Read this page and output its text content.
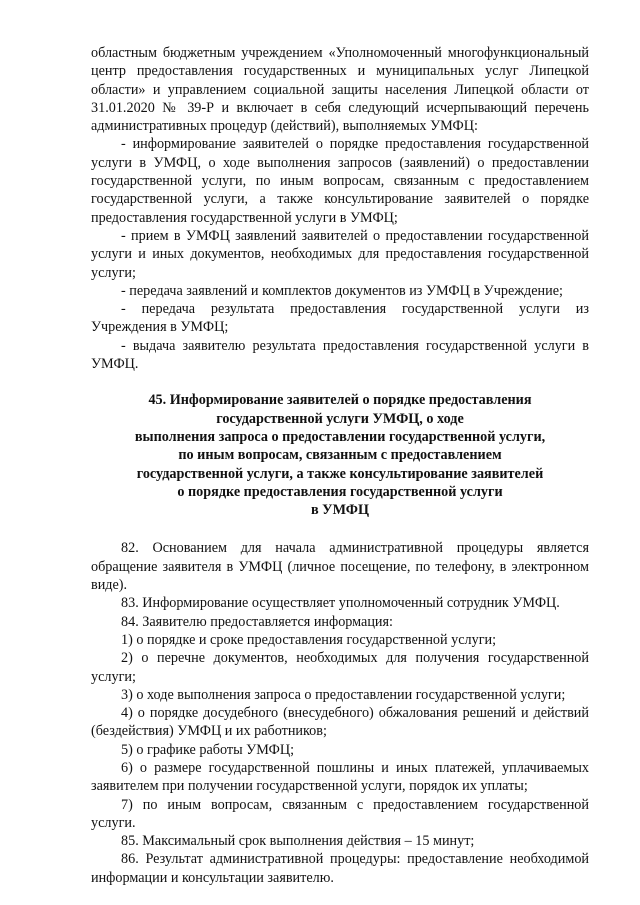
областным бюджетным учреждением «Уполномоченный многофункциональный центр предоставления государственных и муниципальных услуг Липецкой области» и управлением социальной защиты населения Липецкой области от 31.01.2020 № 39-Р и включает в себя следующий исчерпывающий перечень административных процедур (действий), выполняемых УМФЦ:
- информирование заявителей о порядке предоставления государственной услуги в УМФЦ, о ходе выполнения запросов (заявлений) о предоставлении государственной услуги, по иным вопросам, связанным с предоставлением государственной услуги, а также консультирование заявителей о порядке предоставления государственной услуги в УМФЦ;
- прием в УМФЦ заявлений заявителей о предоставлении государственной услуги и иных документов, необходимых для предоставления государственной услуги;
- передача заявлений и комплектов документов из УМФЦ в Учреждение;
- передача результата предоставления государственной услуги из Учреждения в УМФЦ;
- выдача заявителю результата предоставления государственной услуги в УМФЦ.
45. Информирование заявителей о порядке предоставления
государственной услуги УМФЦ, о ходе
выполнения запроса о предоставлении государственной услуги,
по иным вопросам, связанным с предоставлением
государственной услуги, а также консультирование заявителей
о порядке предоставления государственной услуги
в УМФЦ
82. Основанием для начала административной процедуры является обращение заявителя в УМФЦ (личное посещение, по телефону, в электронном виде).
83. Информирование осуществляет уполномоченный сотрудник УМФЦ.
84. Заявителю предоставляется информация:
1) о порядке и сроке предоставления государственной услуги;
2) о перечне документов, необходимых для получения государственной услуги;
3) о ходе выполнения запроса о предоставлении государственной услуги;
4) о порядке досудебного (внесудебного) обжалования решений и действий (бездействия) УМФЦ и их работников;
5) о графике работы УМФЦ;
6) о размере государственной пошлины и иных платежей, уплачиваемых заявителем при получении государственной услуги, порядок их уплаты;
7) по иным вопросам, связанным с предоставлением государственной услуги.
85. Максимальный срок выполнения действия – 15 минут;
86. Результат административной процедуры: предоставление необходимой информации и консультации заявителю.
